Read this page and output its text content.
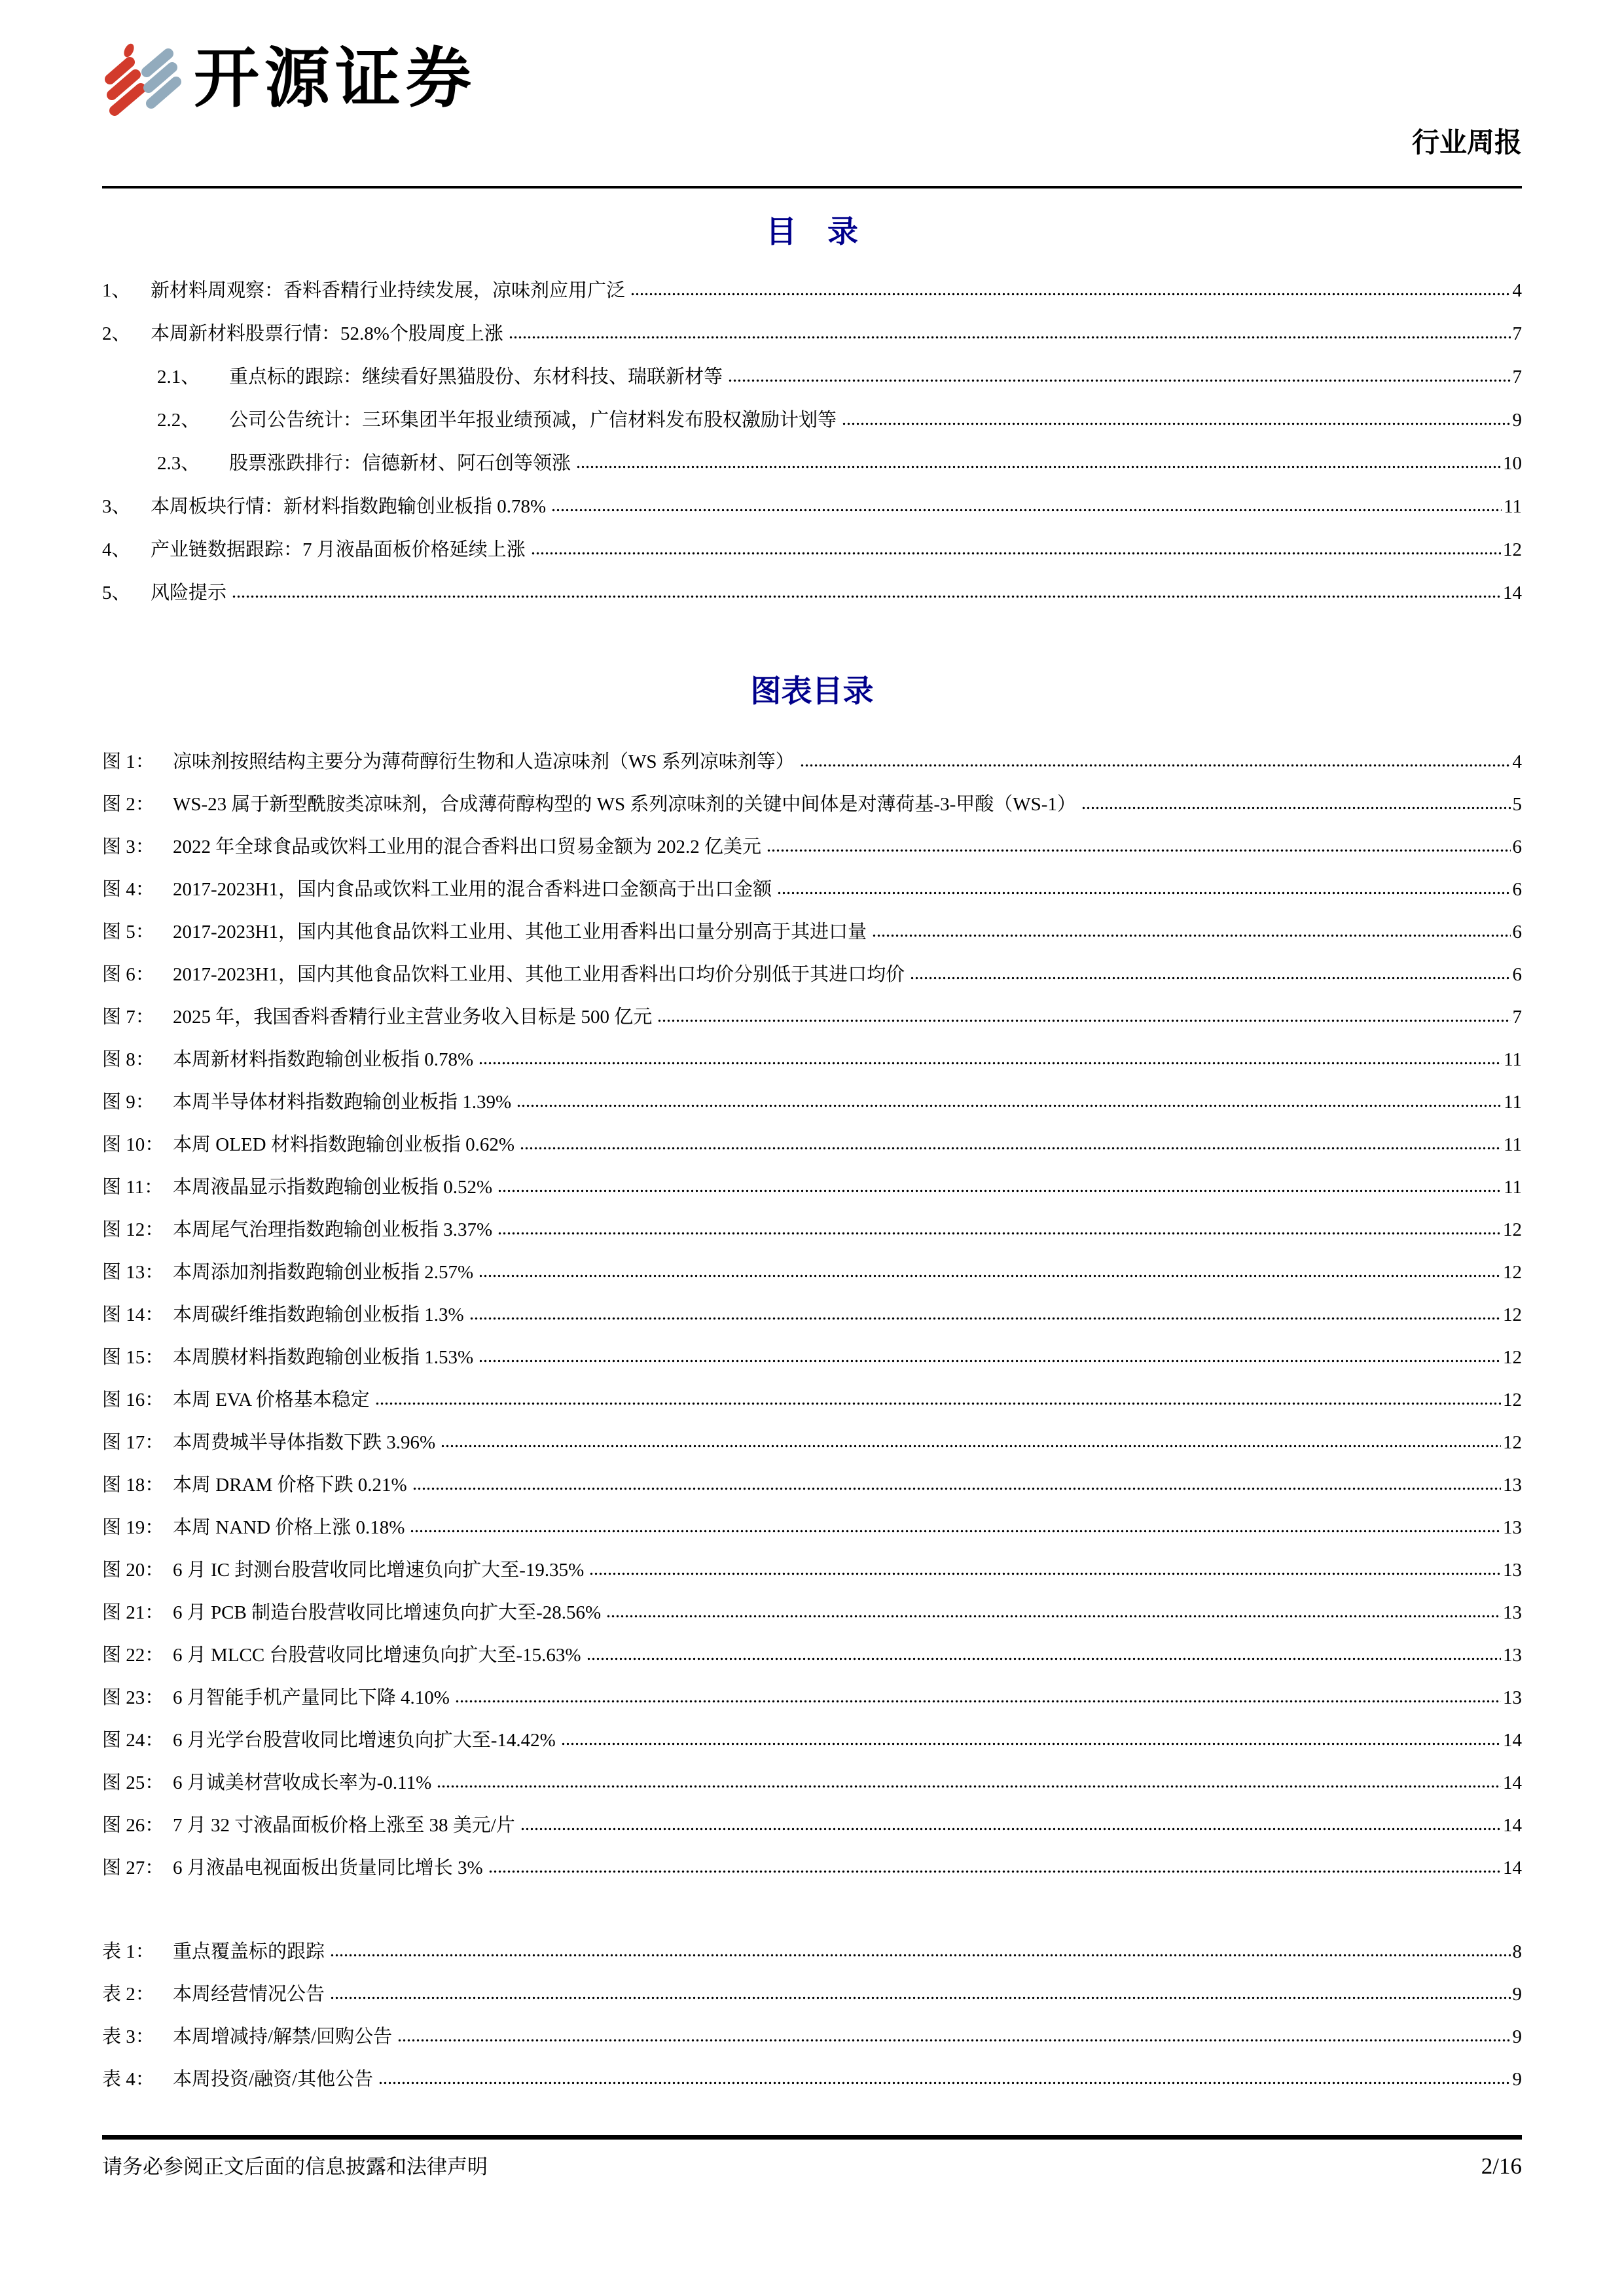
开源证券
行业周报
目　录
1、	新材料周观察：香料香精行业持续发展，凉味剂应用广泛	4
2、	本周新材料股票行情：52.8%个股周度上涨	7
2.1、	重点标的跟踪：继续看好黑猫股份、东材科技、瑞联新材等	7
2.2、	公司公告统计：三环集团半年报业绩预减，广信材料发布股权激励计划等	9
2.3、	股票涨跌排行：信德新材、阿石创等领涨	10
3、	本周板块行情：新材料指数跑输创业板指 0.78%	11
4、	产业链数据跟踪：7 月液晶面板价格延续上涨	12
5、	风险提示	14
图表目录
图 1： 凉味剂按照结构主要分为薄荷醇衍生物和人造凉味剂（WS 系列凉味剂等）	4
图 2： WS-23 属于新型酰胺类凉味剂，合成薄荷醇构型的 WS 系列凉味剂的关键中间体是对薄荷基-3-甲酸（WS-1）	5
图 3： 2022 年全球食品或饮料工业用的混合香料出口贸易金额为 202.2 亿美元	6
图 4： 2017-2023H1，国内食品或饮料工业用的混合香料进口金额高于出口金额	6
图 5： 2017-2023H1，国内其他食品饮料工业用、其他工业用香料出口量分别高于其进口量	6
图 6： 2017-2023H1，国内其他食品饮料工业用、其他工业用香料出口均价分别低于其进口均价	6
图 7： 2025 年，我国香料香精行业主营业务收入目标是 500 亿元	7
图 8： 本周新材料指数跑输创业板指 0.78%	11
图 9： 本周半导体材料指数跑输创业板指 1.39%	11
图 10： 本周 OLED 材料指数跑输创业板指 0.62%	11
图 11： 本周液晶显示指数跑输创业板指 0.52%	11
图 12： 本周尾气治理指数跑输创业板指 3.37%	12
图 13： 本周添加剂指数跑输创业板指 2.57%	12
图 14： 本周碳纤维指数跑输创业板指 1.3%	12
图 15： 本周膜材料指数跑输创业板指 1.53%	12
图 16： 本周 EVA 价格基本稳定	12
图 17： 本周费城半导体指数下跌 3.96%	12
图 18： 本周 DRAM 价格下跌 0.21%	13
图 19： 本周 NAND 价格上涨 0.18%	13
图 20： 6 月 IC 封测台股营收同比增速负向扩大至-19.35%	13
图 21： 6 月 PCB 制造台股营收同比增速负向扩大至-28.56%	13
图 22： 6 月 MLCC 台股营收同比增速负向扩大至-15.63%	13
图 23： 6 月智能手机产量同比下降 4.10%	13
图 24： 6 月光学台股营收同比增速负向扩大至-14.42%	14
图 25： 6 月诚美材营收成长率为-0.11%	14
图 26： 7 月 32 寸液晶面板价格上涨至 38 美元/片	14
图 27： 6 月液晶电视面板出货量同比增长 3%	14
表 1： 重点覆盖标的跟踪	8
表 2： 本周经营情况公告	9
表 3： 本周增减持/解禁/回购公告	9
表 4： 本周投资/融资/其他公告	9
请务必参阅正文后面的信息披露和法律声明	2/16
